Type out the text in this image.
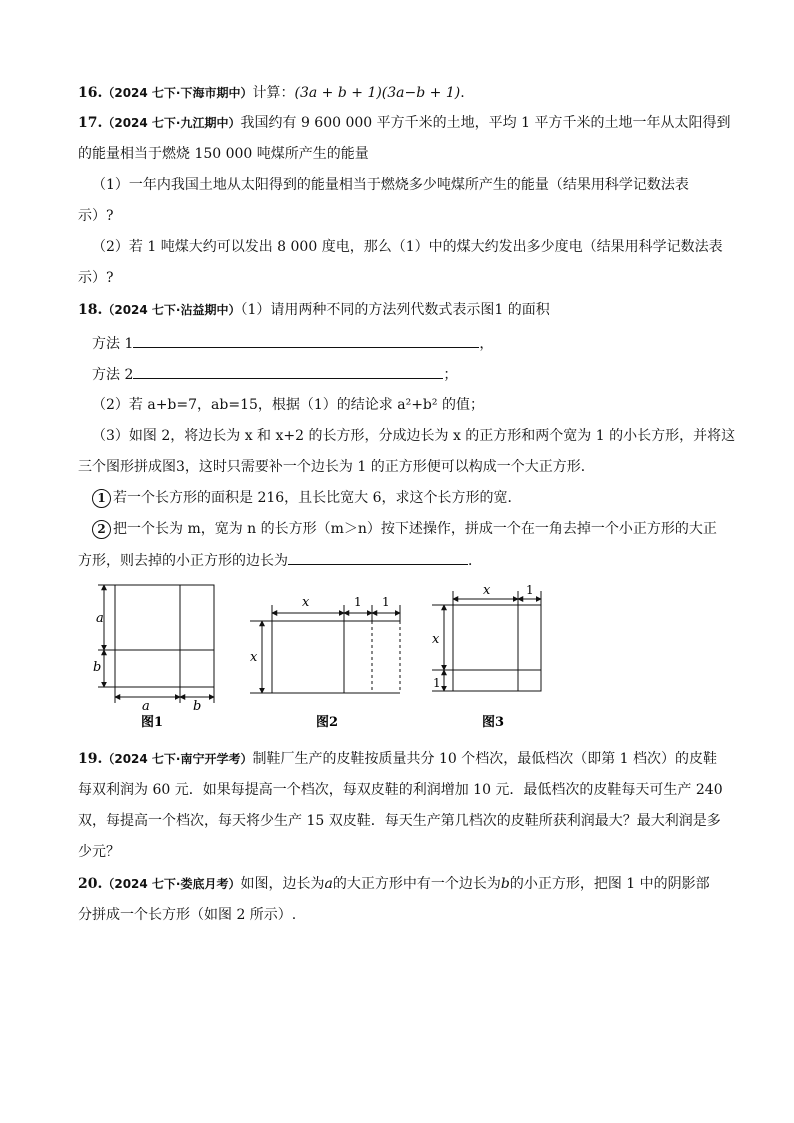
16.（2024 七下·下海市期中）计算：(3a + b + 1)(3a−b + 1).
17.（2024 七下·九江期中）我国约有 9 600 000 平方千米的土地，平均 1 平方千米的土地一年从太阳得到
的能量相当于燃烧 150 000 吨煤所产生的能量
（1）一年内我国土地从太阳得到的能量相当于燃烧多少吨煤所产生的能量（结果用科学记数法表
示）?
（2）若 1 吨煤大约可以发出 8 000 度电，那么（1）中的煤大约发出多少度电（结果用科学记数法表
示）?
18.（2024 七下·沾益期中）（1）请用两种不同的方法列代数式表示图1 的面积
方法 1	，
方法 2	；
（2）若 a+b=7，ab=15，根据（1）的结论求 a²+b² 的值；
（3）如图 2，将边长为 x 和 x+2 的长方形，分成边长为 x 的正方形和两个宽为 1 的小长方形，并将这
三个图形拼成图3，这时只需要补一个边长为 1 的正方形便可以构成一个大正方形．
1 若一个长方形的面积是 216，且长比宽大 6，求这个长方形的宽．
2 把一个长为 m，宽为 n 的长方形（m＞n）按下述操作，拼成一个在一角去掉一个小正方形的大正
方形，则去掉的小正方形的边长为	．
a
b
a	b
图1
x	1 1
x
图2
x	1
x
1
图3
19.（2024 七下·南宁开学考）制鞋厂生产的皮鞋按质量共分 10 个档次，最低档次（即第 1 档次）的皮鞋
每双利润为 60 元．如果每提高一个档次，每双皮鞋的利润增加 10 元．最低档次的皮鞋每天可生产 240
双，每提高一个档次，每天将少生产 15 双皮鞋．每天生产第几档次的皮鞋所获利润最大？最大利润是多
少元？
20.（2024 七下·娄底月考）如图，边长为a的大正方形中有一个边长为b的小正方形，把图 1 中的阴影部
分拼成一个长方形（如图 2 所示）.
